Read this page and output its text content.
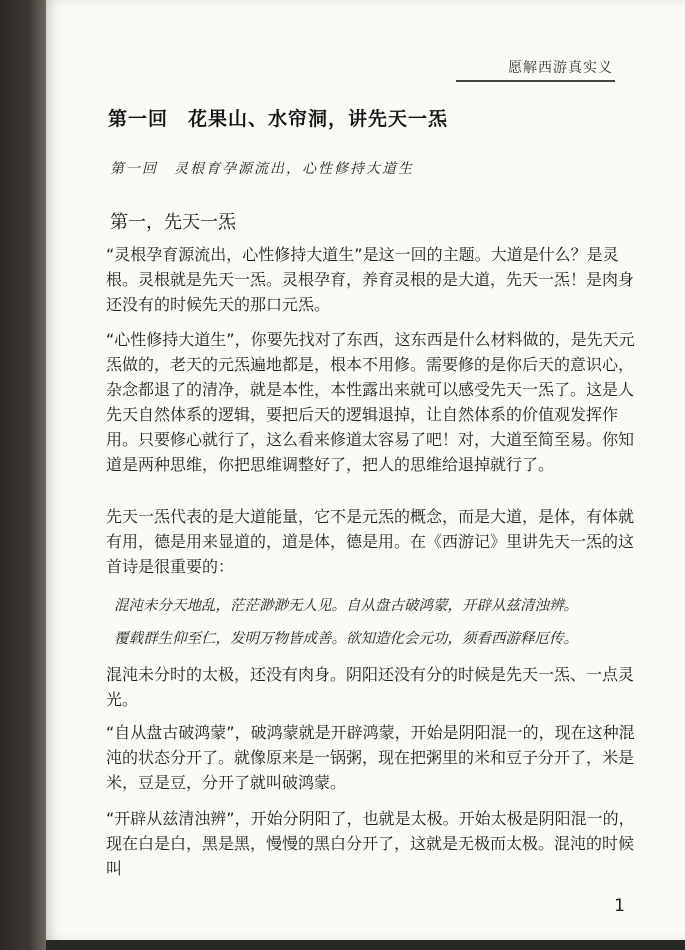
愿解西游真实义
第一回　花果山、水帘洞，讲先天一炁
第一回　灵根育孕源流出，心性修持大道生
第一，先天一炁

“灵根孕育源流出，心性修持大道生”是这一回的主题。大道是什么？是灵根。灵根就是先天一炁。灵根孕育，养育灵根的是大道，先天一炁！是肉身还没有的时候先天的那口元炁。

“心性修持大道生”，你要先找对了东西，这东西是什么材料做的，是先天元炁做的，老天的元炁遍地都是，根本不用修。需要修的是你后天的意识心，杂念都退了的清净，就是本性，本性露出来就可以感受先天一炁了。这是人先天自然体系的逻辑，要把后天的逻辑退掉，让自然体系的价值观发挥作用。只要修心就行了，这么看来修道太容易了吧！对，大道至简至易。你知道是两种思维，你把思维调整好了，把人的思维给退掉就行了。

先天一炁代表的是大道能量，它不是元炁的概念，而是大道，是体，有体就有用，德是用来显道的，道是体，德是用。在《西游记》里讲先天一炁的这首诗是很重要的：

混沌未分天地乱，茫茫渺渺无人见。自从盘古破鸿蒙，开辟从兹清浊辨。
覆载群生仰至仁，发明万物皆成善。欲知造化会元功，须看西游释厄传。

混沌未分时的太极，还没有肉身。阴阳还没有分的时候是先天一炁、一点灵光。

“自从盘古破鸿蒙”，破鸿蒙就是开辟鸿蒙，开始是阴阳混一的，现在这种混沌的状态分开了。就像原来是一锅粥，现在把粥里的米和豆子分开了，米是米，豆是豆，分开了就叫破鸿蒙。

“开辟从兹清浊辨”，开始分阴阳了，也就是太极。开始太极是阴阳混一的，现在白是白，黑是黑，慢慢的黑白分开了，这就是无极而太极。混沌的时候叫

1
